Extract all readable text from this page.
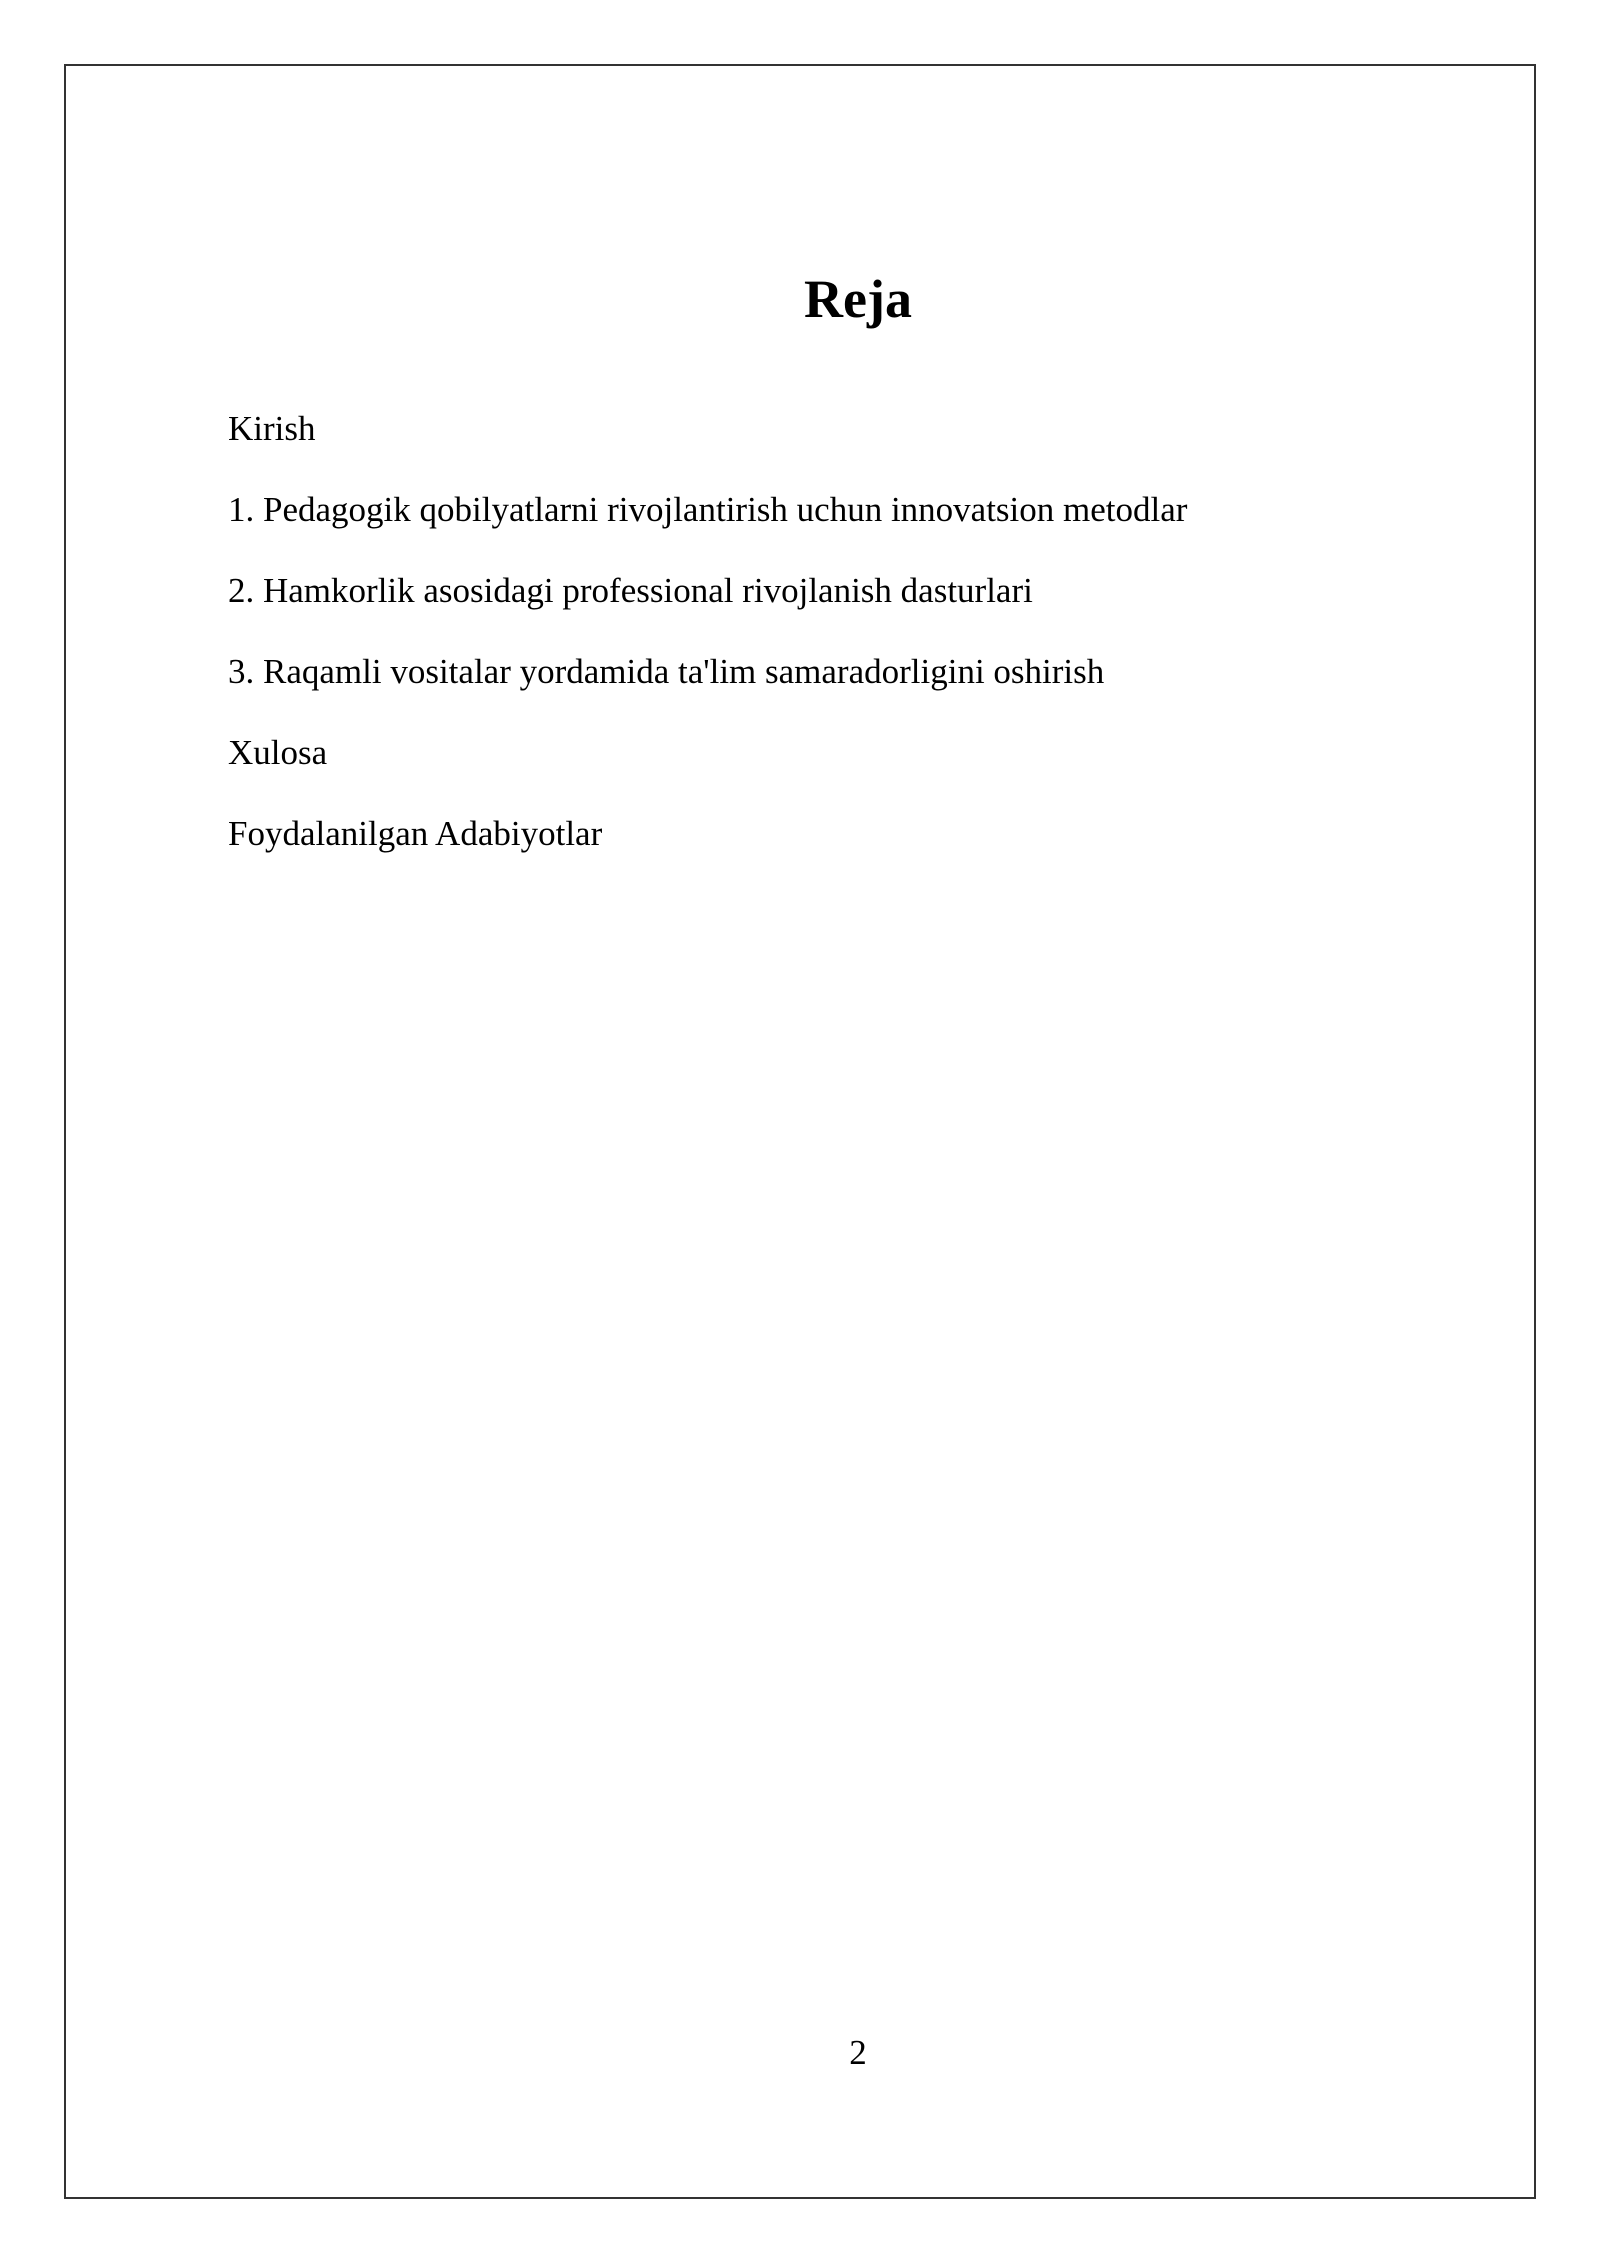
Reja
Kirish
1. Pedagogik qobilyatlarni rivojlantirish uchun innovatsion metodlar
2. Hamkorlik asosidagi professional rivojlanish dasturlari
3. Raqamli vositalar yordamida ta'lim samaradorligini oshirish
Xulosa
Foydalanilgan Adabiyotlar
2
